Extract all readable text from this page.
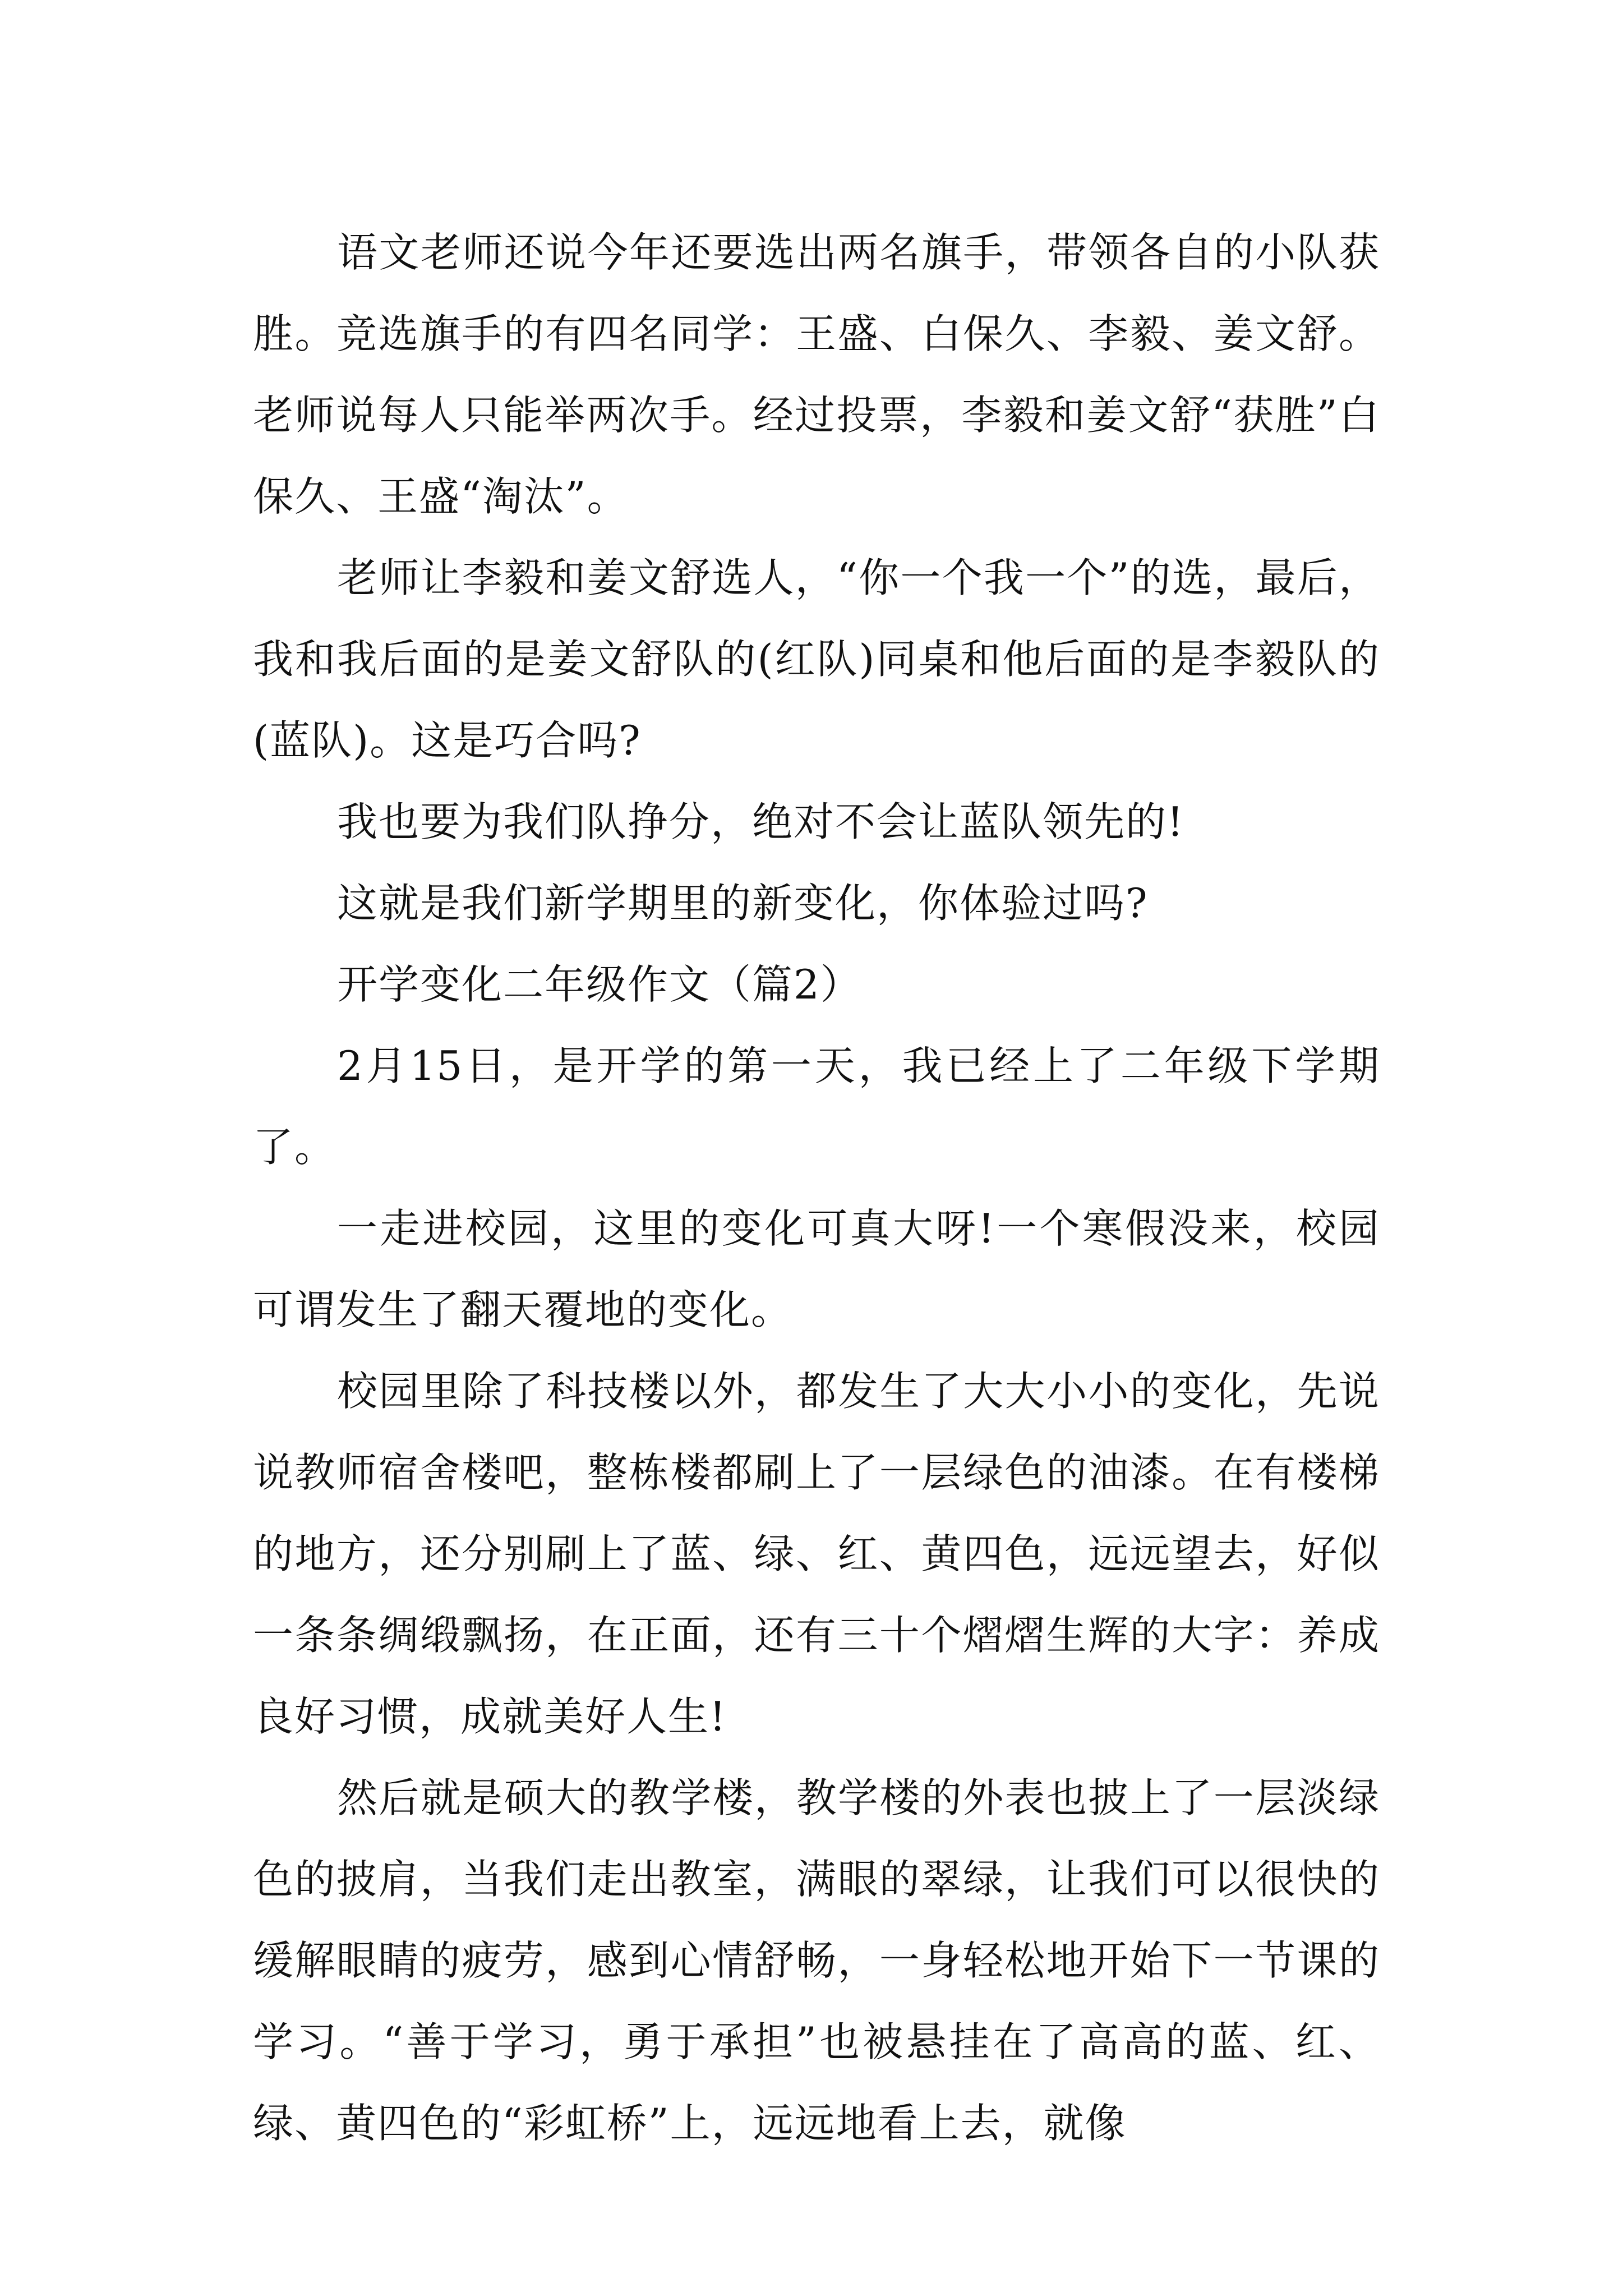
语文老师还说今年还要选出两名旗手，带领各自的小队获胜。竞选旗手的有四名同学：王盛、白保久、李毅、姜文舒。老师说每人只能举两次手。经过投票，李毅和姜文舒“获胜”白保久、王盛“淘汰”。

老师让李毅和姜文舒选人，“你一个我一个”的选，最后，我和我后面的是姜文舒队的(红队)同桌和他后面的是李毅队的(蓝队)。这是巧合吗?

我也要为我们队挣分，绝对不会让蓝队领先的!

这就是我们新学期里的新变化，你体验过吗?

开学变化二年级作文（篇2）

2月15日，是开学的第一天，我已经上了二年级下学期了。

一走进校园，这里的变化可真大呀!一个寒假没来，校园可谓发生了翻天覆地的变化。

校园里除了科技楼以外，都发生了大大小小的变化，先说说教师宿舍楼吧，整栋楼都刷上了一层绿色的油漆。在有楼梯的地方，还分别刷上了蓝、绿、红、黄四色，远远望去，好似一条条绸缎飘扬，在正面，还有三十个熠熠生辉的大字：养成良好习惯，成就美好人生!

然后就是硕大的教学楼，教学楼的外表也披上了一层淡绿色的披肩，当我们走出教室，满眼的翠绿，让我们可以很快的缓解眼睛的疲劳，感到心情舒畅，一身轻松地开始下一节课的学习。“善于学习，勇于承担”也被悬挂在了高高的蓝、红、绿、黄四色的“彩虹桥”上，远远地看上去，就像
